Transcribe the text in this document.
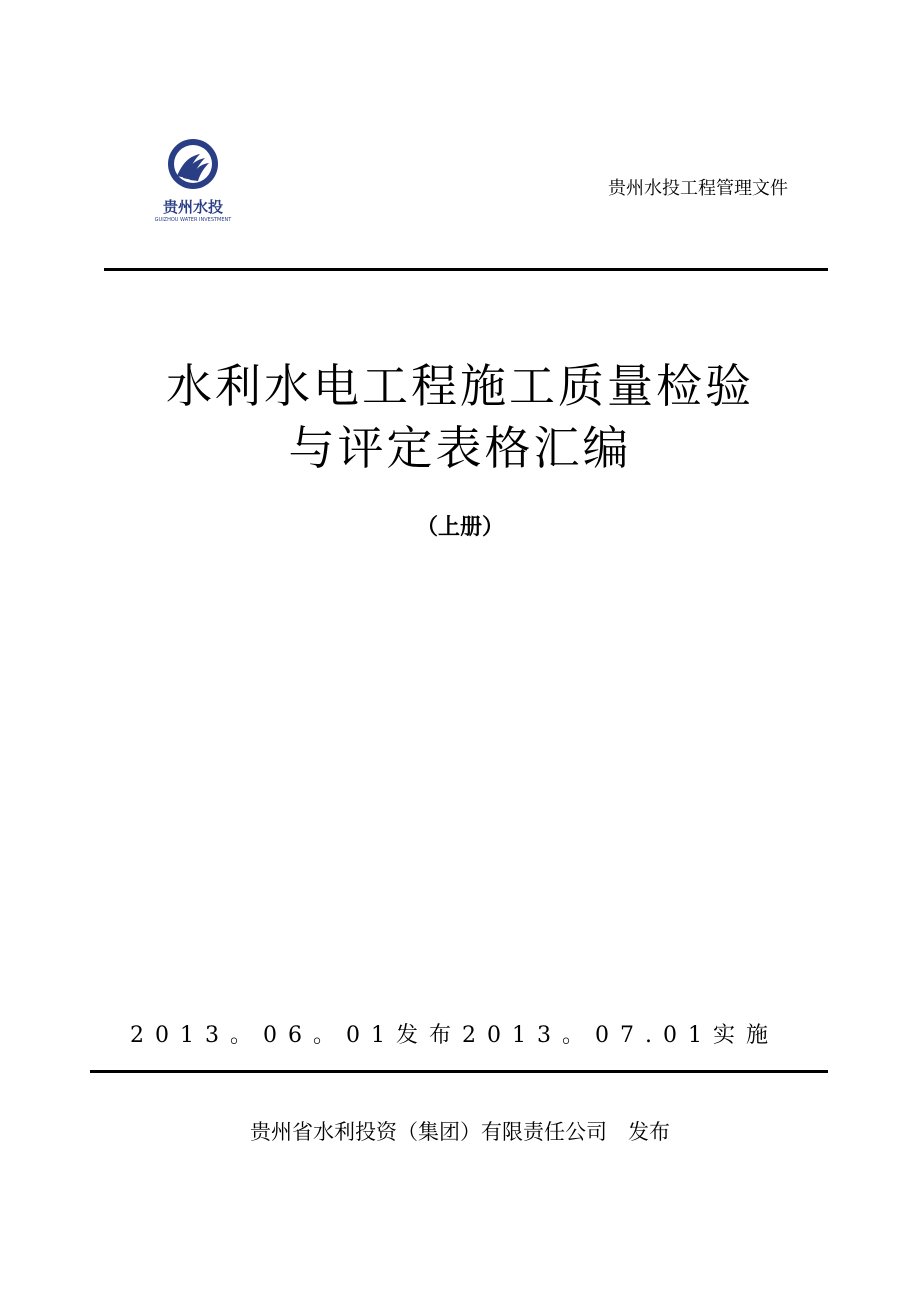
贵州水投
GUIZHOU WATER INVESTMENT
贵州水投工程管理文件
水利水电工程施工质量检验
与评定表格汇编
（上册）
2013。06。01发布2013。07.01实施
贵州省水利投资（集团）有限责任公司　发布
